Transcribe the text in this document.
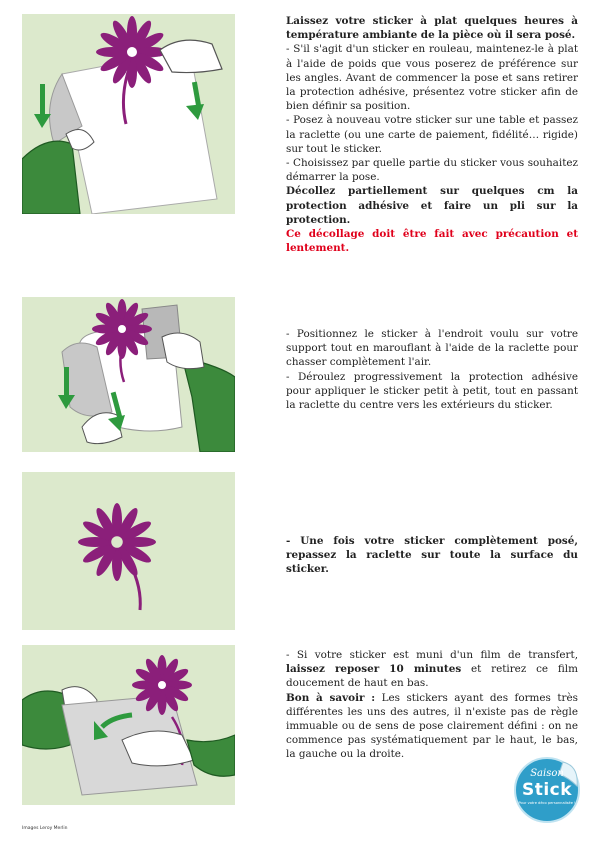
Laissez votre sticker à plat quelques heures à température ambiante de la pièce où il sera posé.

- S'il s'agit d'un sticker en rouleau, maintenez-le à plat à l'aide de poids que vous poserez de préférence sur les angles. Avant de commencer la pose et sans retirer la protection adhésive, présentez votre sticker afin de bien définir sa position.

- Posez à nouveau votre sticker sur une table et passez la raclette (ou une carte de paiement, fidélité… rigide) sur tout le sticker.

- Choisissez par quelle partie du sticker vous souhaitez démarrer la pose.

Décollez partiellement sur quelques cm la protection adhésive et faire un pli sur la protection.

Ce décollage doit être fait avec précaution et lentement.

- Positionnez le sticker à l'endroit voulu sur votre support tout en marouflant à l'aide de la raclette pour chasser complètement l'air.

- Déroulez progressivement la protection adhésive pour appliquer le sticker petit à petit, tout en passant la raclette du centre vers les extérieurs du sticker.

- Une fois votre sticker complètement posé, repassez la raclette sur toute la surface du sticker.

- Si votre sticker est muni d'un film de transfert, laissez reposer 10 minutes et retirez ce film doucement de haut en bas.

Bon à savoir : Les stickers ayant des formes très différentes les uns des autres, il n'existe pas de règle immuable ou de sens de pose clairement défini : on ne commence pas systématiquement par le haut, le bas, la gauche ou la droite.

Saison
Stick
Pour votre déco personnalisée !
Images Leroy Merlin
